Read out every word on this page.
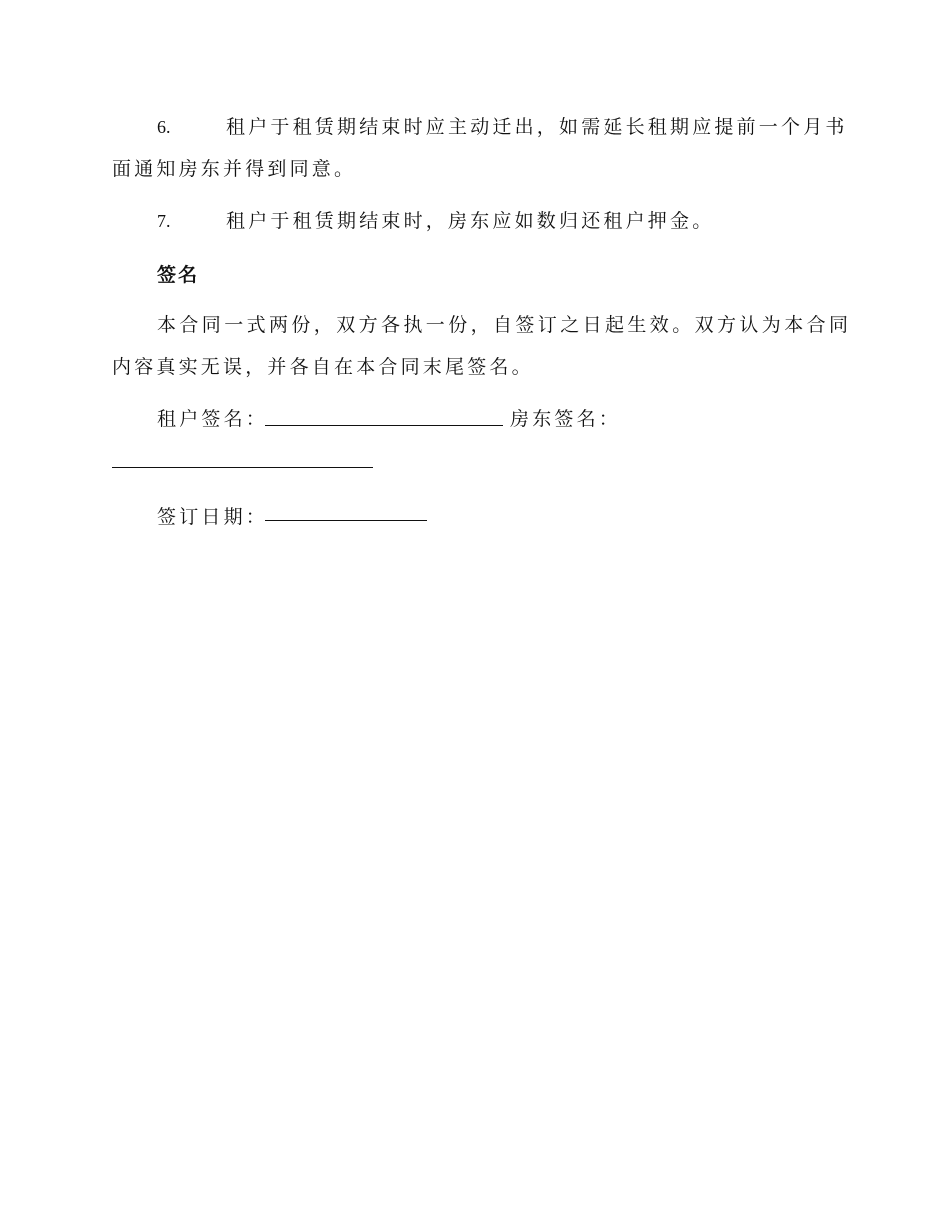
6.	租户于租赁期结束时应主动迁出，如需延长租期应提前一个月书
面通知房东并得到同意。
7.	租户于租赁期结束时，房东应如数归还租户押金。
签名
本合同一式两份，双方各执一份，自签订之日起生效。双方认为本合同
内容真实无误，并各自在本合同末尾签名。
租户签名：	房东签名：
签订日期：
